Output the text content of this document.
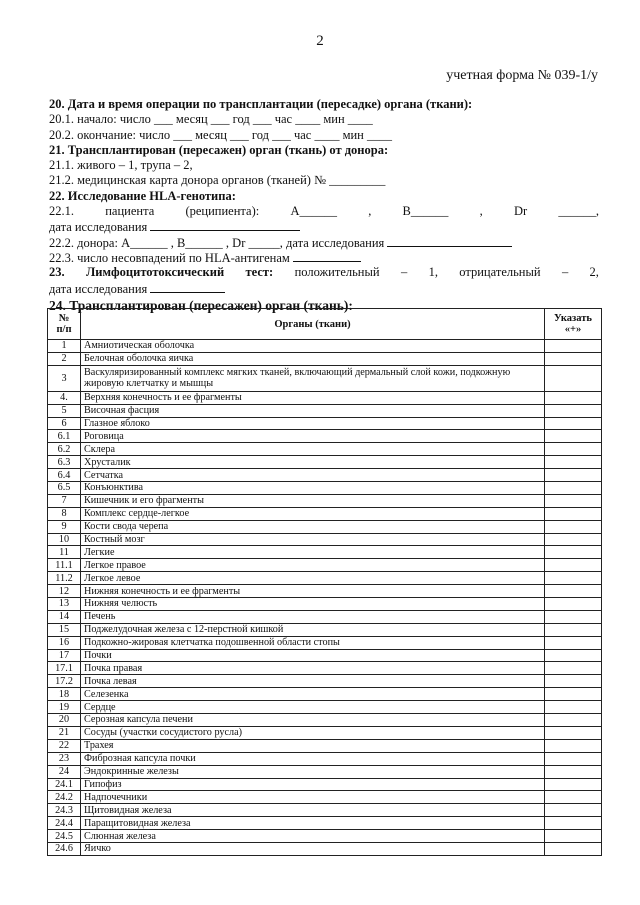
2
учетная форма № 039-1/у
20. Дата и время операции по трансплантации (пересадке) органа (ткани):
20.1. начало: число ___ месяц ___ год ___ час ____ мин ____
20.2. окончание: число ___ месяц ___ год ___ час ____ мин ____
21. Трансплантирован (пересажен) орган (ткань) от донора:
21.1. живого – 1, трупа – 2,
21.2. медицинская карта донора органов (тканей) № _________
22. Исследование HLA-генотипа:
22.1. пациента (реципиента): A______ , B______ , Dr ______,
дата исследования
22.2. донора: A______ , B______ , Dr _____, дата исследования
22.3. число несовпадений по HLA-антигенам
23. Лимфоцитотоксический тест: положительный – 1, отрицательный – 2,
дата исследования
24. Трансплантирован (пересажен) орган (ткань):
№
п/п	Органы (ткани)	Указать
«+»
1	Амниотическая оболочка	
2	Белочная оболочка яичка	
3	Васкуляризированный комплекс мягких тканей, включающий дермальный слой кожи, подкожную жировую клетчатку и мышцы	
4.	Верхняя конечность и ее фрагменты	
5	Височная фасция	
6	Глазное яблоко	
6.1	Роговица	
6.2	Склера	
6.3	Хрусталик	
6.4	Сетчатка	
6.5	Конъюнктива	
7	Кишечник и его фрагменты	
8	Комплекс сердце-легкое	
9	Кости свода черепа	
10	Костный мозг	
11	Легкие	
11.1	Легкое правое	
11.2	Легкое левое	
12	Нижняя конечность и ее фрагменты	
13	Нижняя челюсть	
14	Печень	
15	Поджелудочная железа с 12-перстной кишкой	
16	Подкожно-жировая клетчатка подошвенной области стопы	
17	Почки	
17.1	Почка правая	
17.2	Почка левая	
18	Селезенка	
19	Сердце	
20	Серозная капсула печени	
21	Сосуды (участки сосудистого русла)	
22	Трахея	
23	Фиброзная капсула почки	
24	Эндокринные железы	
24.1	Гипофиз	
24.2	Надпочечники	
24.3	Щитовидная железа	
24.4	Паращитовидная железа	
24.5	Слюнная железа	
24.6	Яичко	
